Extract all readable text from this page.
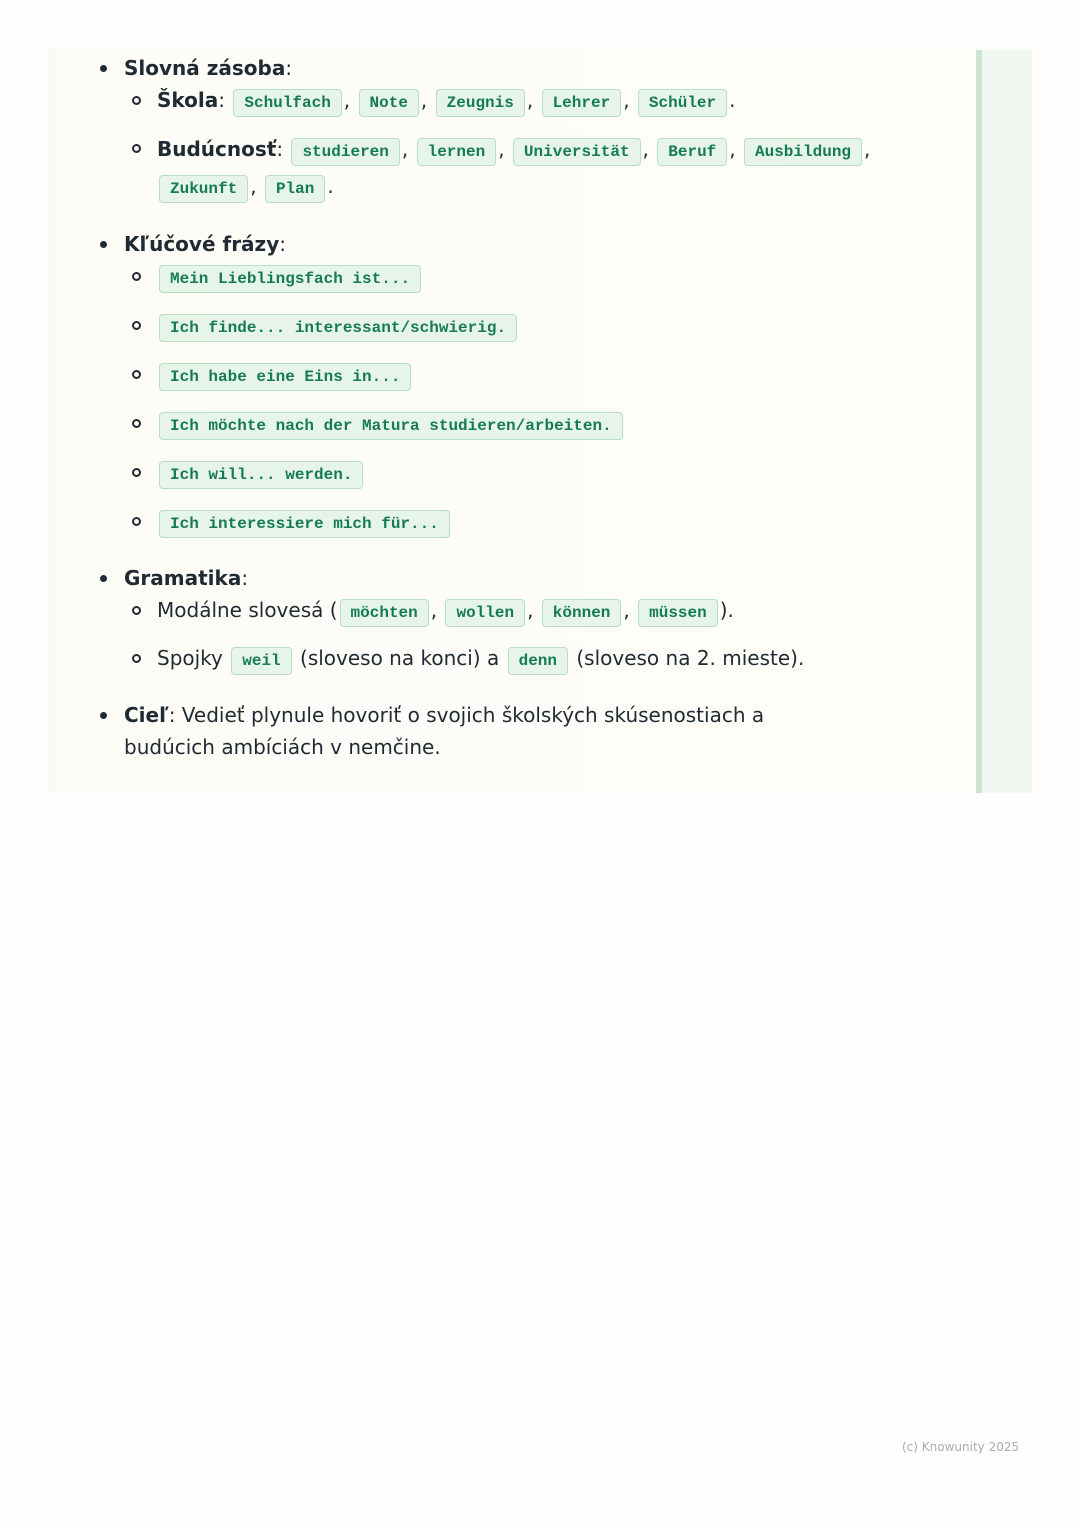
Slovná zásoba:
Škola: Schulfach , Note , Zeugnis , Lehrer , Schüler .
Budúcnosť: studieren , lernen , Universität , Beruf , Ausbildung , Zukunft , Plan .
Kľúčové frázy:
Mein Lieblingsfach ist...
Ich finde... interessant/schwierig.
Ich habe eine Eins in...
Ich möchte nach der Matura studieren/arbeiten.
Ich will... werden.
Ich interessiere mich für...
Gramatika:
Modálne slovesá ( möchten , wollen , können , müssen ).
Spojky weil (sloveso na konci) a denn (sloveso na 2. mieste).
Cieľ: Vedieť plynule hovoriť o svojich školských skúsenostiach a budúcich ambíciách v nemčine.
(c) Knowunity 2025
